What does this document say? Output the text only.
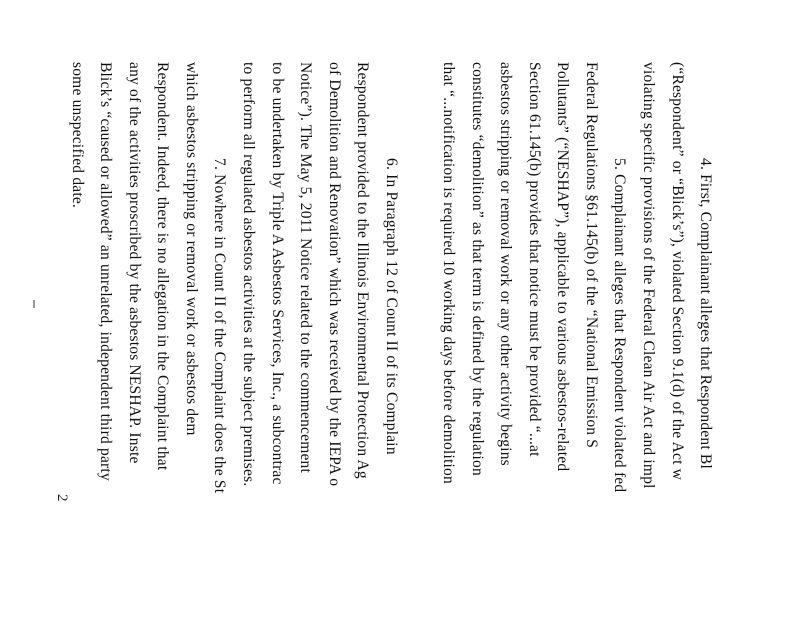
4. First, Complainant alleges that Respondent Bl
(“Respondent” or “Blick’s”), violated Section 9.1(d) of the Act w
violating specific provisions of the Federal Clean Air Act and impl
5. Complainant alleges that Respondent violated fed
Federal Regulations §61.145(b) of the “National Emission S
Pollutants” (“NESHAP”), applicable to various asbestos-related
Section 61.145(b) provides that notice must be provided “...at
asbestos stripping or removal work or any other activity begins
constitutes “demolition” as that term is defined by the regulation
that “...notification is required 10 working days before demolition
6. In Paragraph 12 of Count II of its Complain
Respondent provided to the Illinois Environmental Protection Ag
of Demolition and Renovation” which was received by the IEPA o
Notice”). The May 5, 2011 Notice related to the commencement
to be undertaken by Triple A Asbestos Services, Inc., a subcontrac
to perform all regulated asbestos activities at the subject premises.
7. Nowhere in Count II of the Complaint does the St
which asbestos stripping or removal work or asbestos dem
Respondent. Indeed, there is no allegation in the Complaint that
any of the activities proscribed by the asbestos NESHAP. Inste
Blick’s “caused or allowed” an unrelated, independent third party
some unspecified date.
2
